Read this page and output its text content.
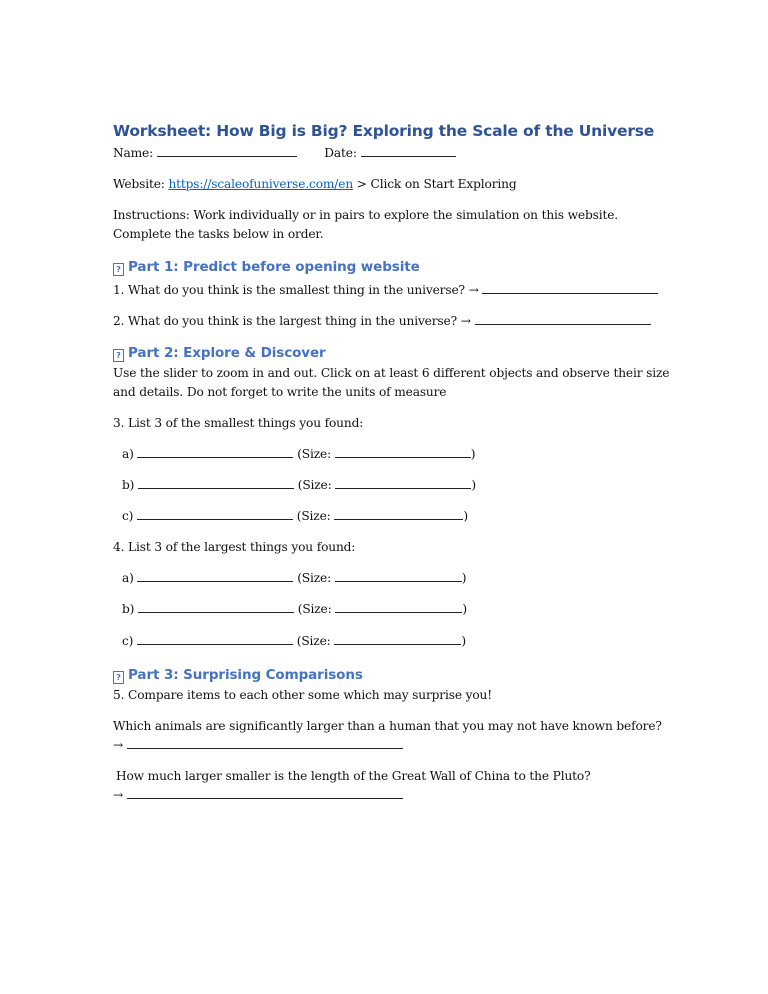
Worksheet: How Big is Big? Exploring the Scale of the Universe
Name:	Date:
Website: https://scaleofuniverse.com/en > Click on Start Exploring
Instructions: Work individually or in pairs to explore the simulation on this website.
Complete the tasks below in order.
? Part 1: Predict before opening website
1. What do you think is the smallest thing in the universe? →
2. What do you think is the largest thing in the universe? →
? Part 2: Explore & Discover
Use the slider to zoom in and out. Click on at least 6 different objects and observe their size
and details. Do not forget to write the units of measure
3. List 3 of the smallest things you found:
a)	(Size:	)
b)	(Size:	)
c)	(Size:	)
4. List 3 of the largest things you found:
a)	(Size:	)
b)	(Size:	)
c)	(Size:	)
? Part 3: Surprising Comparisons
5. Compare items to each other some which may surprise you!
Which animals are significantly larger than a human that you may not have known before?
→
How much larger smaller is the length of the Great Wall of China to the Pluto?
→
